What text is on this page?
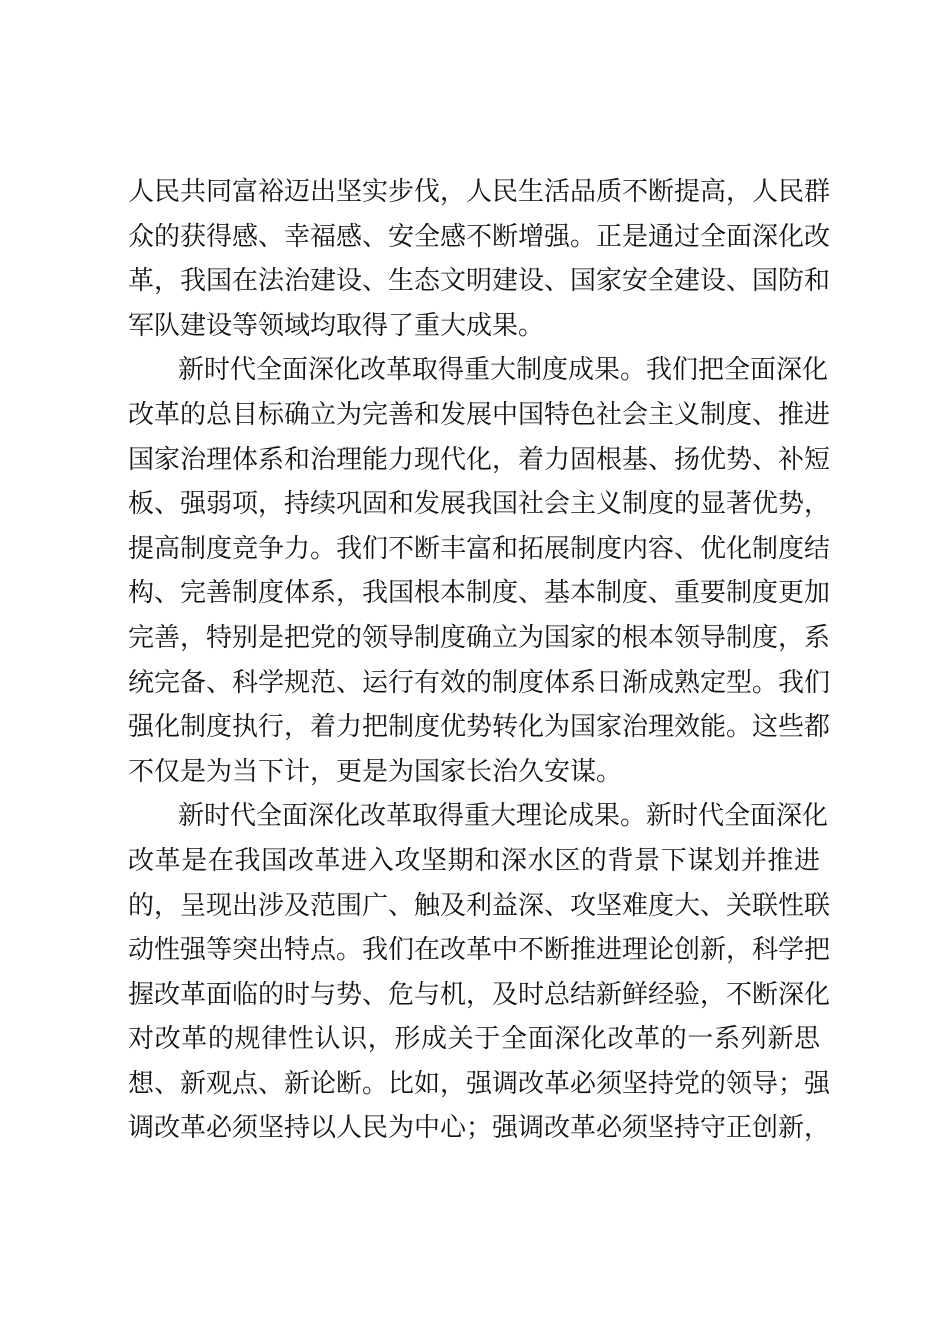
人民共同富裕迈出坚实步伐，人民生活品质不断提高，人民群
众的获得感、幸福感、安全感不断增强。正是通过全面深化改
革，我国在法治建设、生态文明建设、国家安全建设、国防和
军队建设等领域均取得了重大成果。
新时代全面深化改革取得重大制度成果。我们把全面深化
改革的总目标确立为完善和发展中国特色社会主义制度、推进
国家治理体系和治理能力现代化，着力固根基、扬优势、补短
板、强弱项，持续巩固和发展我国社会主义制度的显著优势，
提高制度竞争力。我们不断丰富和拓展制度内容、优化制度结
构、完善制度体系，我国根本制度、基本制度、重要制度更加
完善，特别是把党的领导制度确立为国家的根本领导制度，系
统完备、科学规范、运行有效的制度体系日渐成熟定型。我们
强化制度执行，着力把制度优势转化为国家治理效能。这些都
不仅是为当下计，更是为国家长治久安谋。
新时代全面深化改革取得重大理论成果。新时代全面深化
改革是在我国改革进入攻坚期和深水区的背景下谋划并推进
的，呈现出涉及范围广、触及利益深、攻坚难度大、关联性联
动性强等突出特点。我们在改革中不断推进理论创新，科学把
握改革面临的时与势、危与机，及时总结新鲜经验，不断深化
对改革的规律性认识，形成关于全面深化改革的一系列新思
想、新观点、新论断。比如，强调改革必须坚持党的领导；强
调改革必须坚持以人民为中心；强调改革必须坚持守正创新，
